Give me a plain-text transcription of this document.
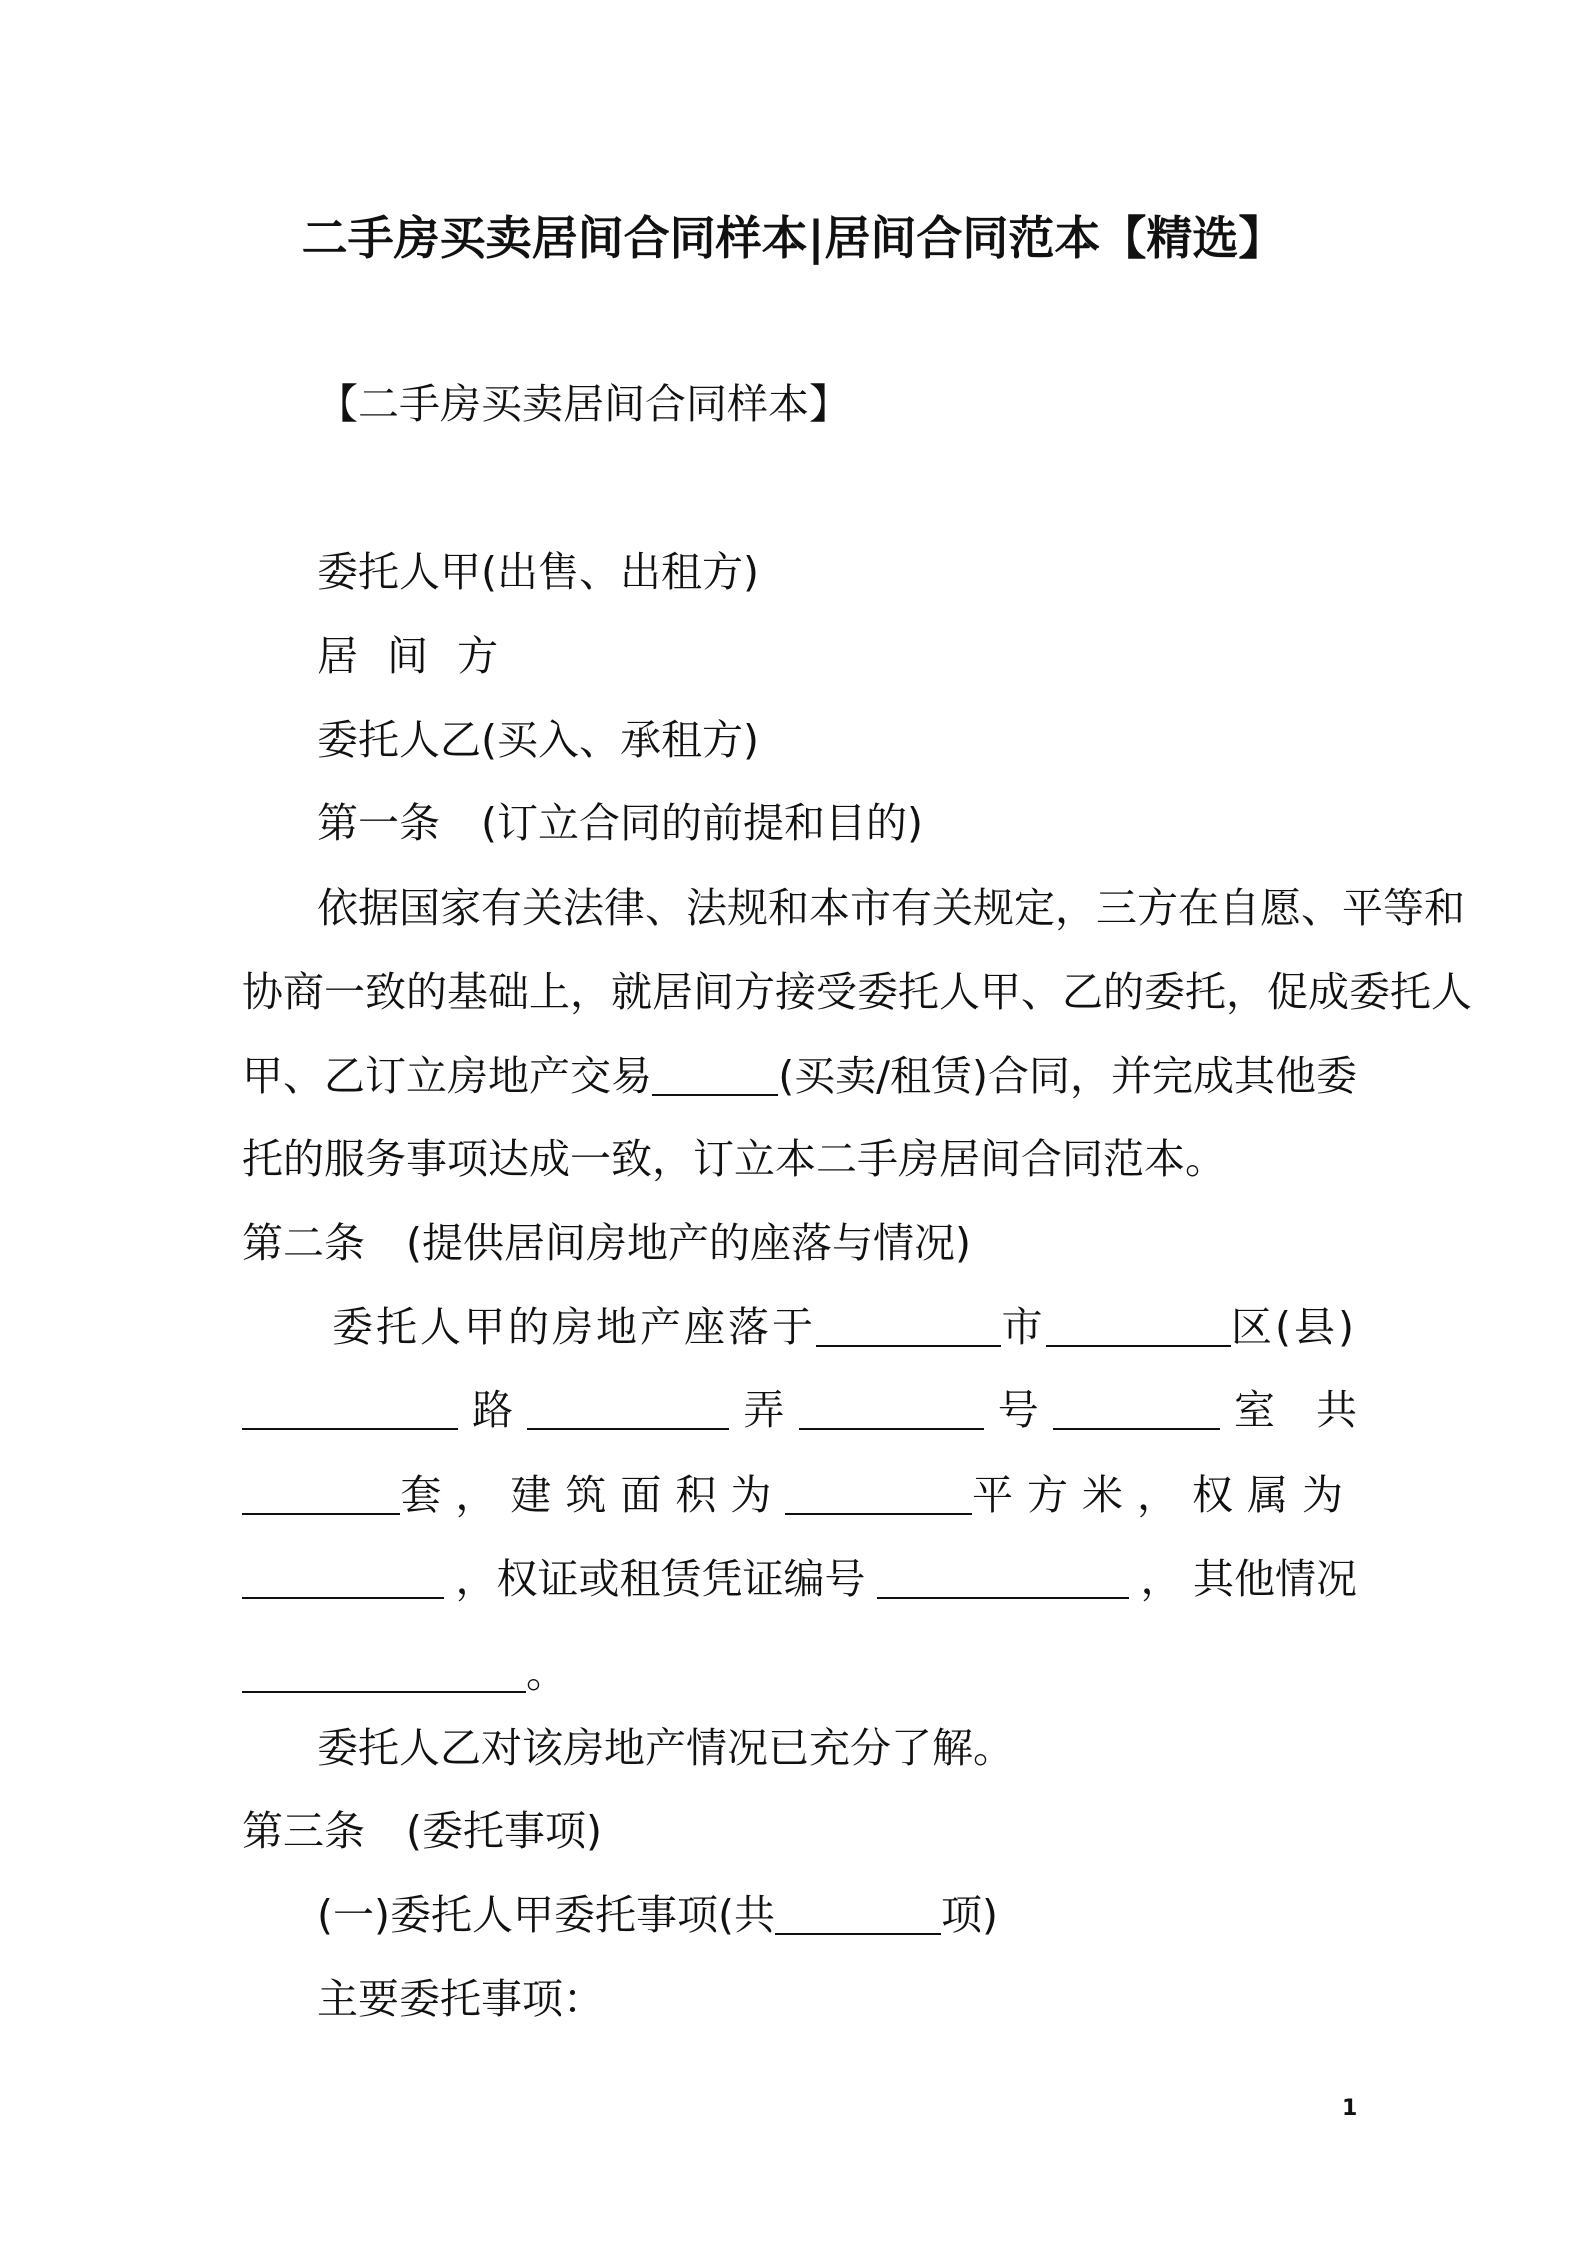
二手房买卖居间合同样本|居间合同范本【精选】
【二手房买卖居间合同样本】
委托人甲(出售、出租方)
居 间 方
委托人乙(买入、承租方)
第一条　(订立合同的前提和目的)
依据国家有关法律、法规和本市有关规定，三方在自愿、平等和
协商一致的基础上，就居间方接受委托人甲、乙的委托，促成委托人
甲、乙订立房地产交易	(买卖/租赁)合同，并完成其他委
托的服务事项达成一致，订立本二手房居间合同范本。
第二条　(提供居间房地产的座落与情况)
委托人甲的房地产座落于	市	区(县)
路	弄	号	室　共
套，建筑面积为	平方米，权属为
，权证或租赁凭证编号	， 其他情况
。
委托人乙对该房地产情况已充分了解。
第三条　(委托事项)
(一)委托人甲委托事项(共	项)
主要委托事项：
1
